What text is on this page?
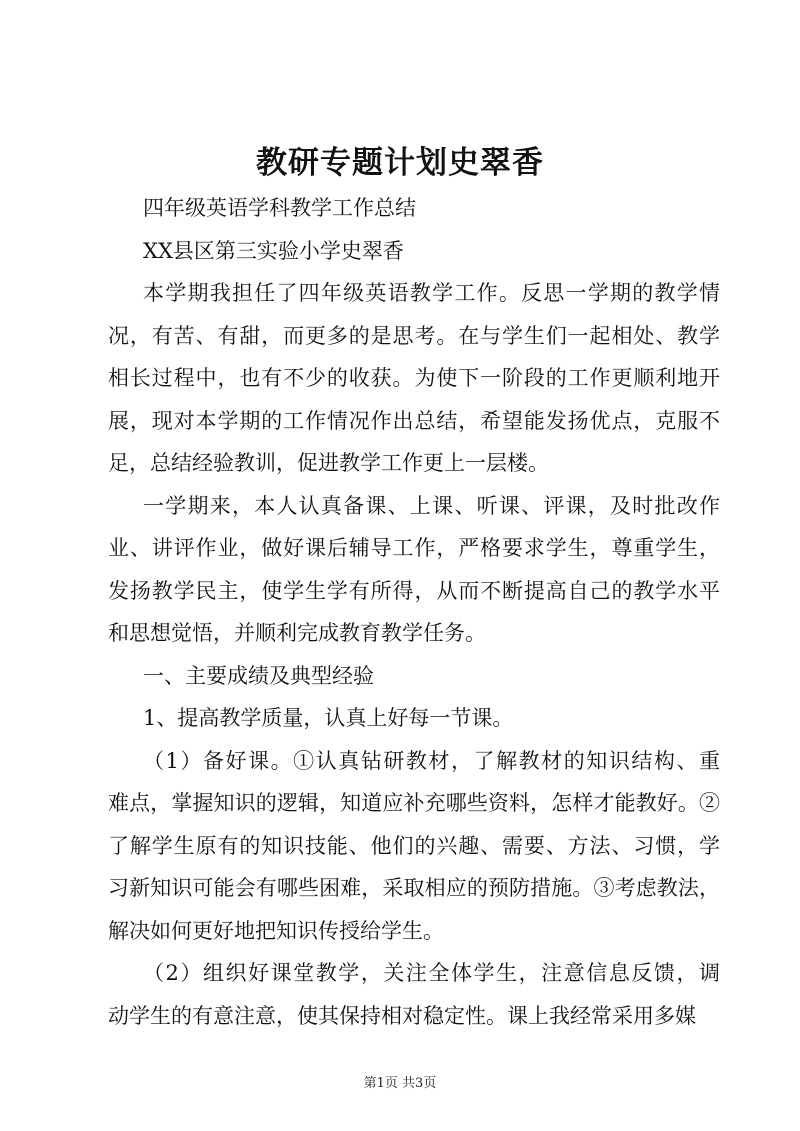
教研专题计划史翠香
四年级英语学科教学工作总结
XX县区第三实验小学史翠香
本学期我担任了四年级英语教学工作。反思一学期的教学情
况，有苦、有甜，而更多的是思考。在与学生们一起相处、教学
相长过程中，也有不少的收获。为使下一阶段的工作更顺利地开
展，现对本学期的工作情况作出总结，希望能发扬优点，克服不
足，总结经验教训，促进教学工作更上一层楼。
一学期来，本人认真备课、上课、听课、评课，及时批改作
业、讲评作业，做好课后辅导工作，严格要求学生，尊重学生，
发扬教学民主，使学生学有所得，从而不断提高自己的教学水平
和思想觉悟，并顺利完成教育教学任务。
一、主要成绩及典型经验
1、提高教学质量，认真上好每一节课。
（1）备好课。①认真钻研教材，了解教材的知识结构、重
难点，掌握知识的逻辑，知道应补充哪些资料，怎样才能教好。②
了解学生原有的知识技能、他们的兴趣、需要、方法、习惯，学
习新知识可能会有哪些困难，采取相应的预防措施。③考虑教法，
解决如何更好地把知识传授给学生。
（2）组织好课堂教学，关注全体学生，注意信息反馈，调
动学生的有意注意，使其保持相对稳定性。课上我经常采用多媒
第1页 共3页
